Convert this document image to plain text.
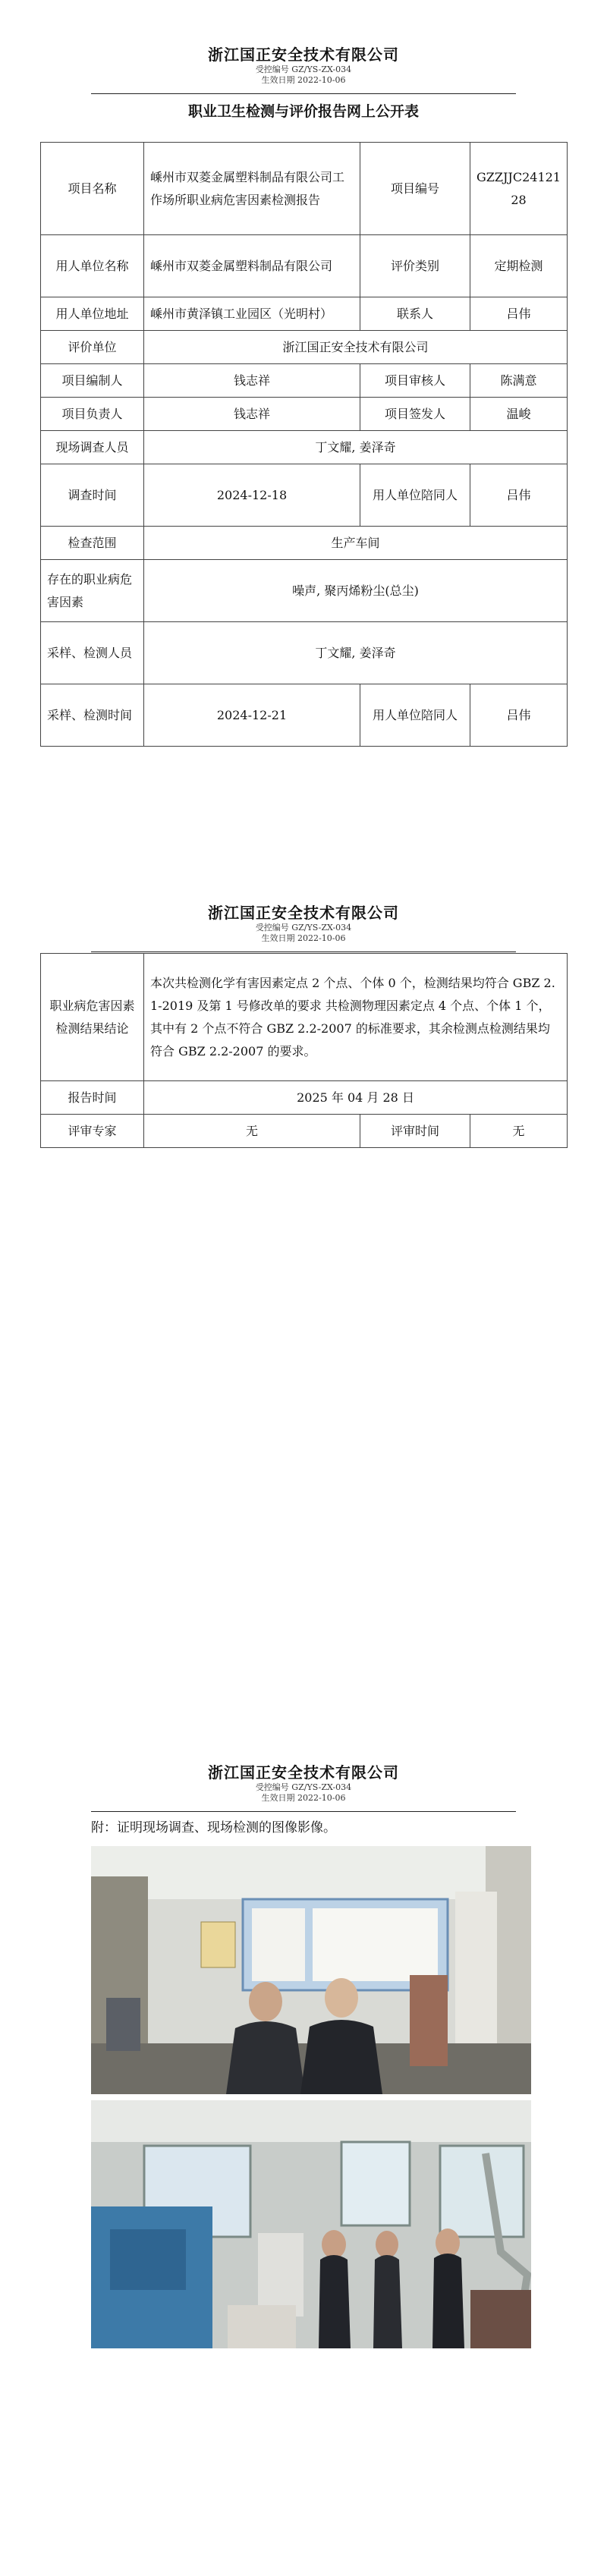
浙江国正安全技术有限公司
受控编号 GZ/YS-ZX-034
生效日期 2022-10-06
职业卫生检测与评价报告网上公开表
项目名称	嵊州市双菱金属塑料制品有限公司工作场所职业病危害因素检测报告	项目编号	GZZJJC2412128
用人单位名称	嵊州市双菱金属塑料制品有限公司	评价类别	定期检测
用人单位地址	嵊州市黄泽镇工业园区（光明村）	联系人	吕伟
评价单位	浙江国正安全技术有限公司		
项目编制人	钱志祥	项目审核人	陈满意
项目负责人	钱志祥	项目签发人	温峻
现场调查人员	丁文耀, 姜泽奇		
调查时间	2024-12-18	用人单位陪同人	吕伟
检查范围	生产车间		
存在的职业病危害因素	噪声, 聚丙烯粉尘(总尘)		
采样、检测人员	丁文耀, 姜泽奇		
采样、检测时间	2024-12-21	用人单位陪同人	吕伟
浙江国正安全技术有限公司
受控编号 GZ/YS-ZX-034
生效日期 2022-10-06
职业病危害因素检测结果结论	本次共检测化学有害因素定点 2 个点、个体 0 个，检测结果均符合 GBZ 2.1-2019 及第 1 号修改单的要求 共检测物理因素定点 4 个点、个体 1 个，其中有 2 个点不符合 GBZ 2.2-2007 的标准要求，其余检测点检测结果均符合 GBZ 2.2-2007 的要求。		
报告时间	2025 年 04 月 28 日		
评审专家	无	评审时间	无
浙江国正安全技术有限公司
受控编号 GZ/YS-ZX-034
生效日期 2022-10-06
附：证明现场调查、现场检测的图像影像。
